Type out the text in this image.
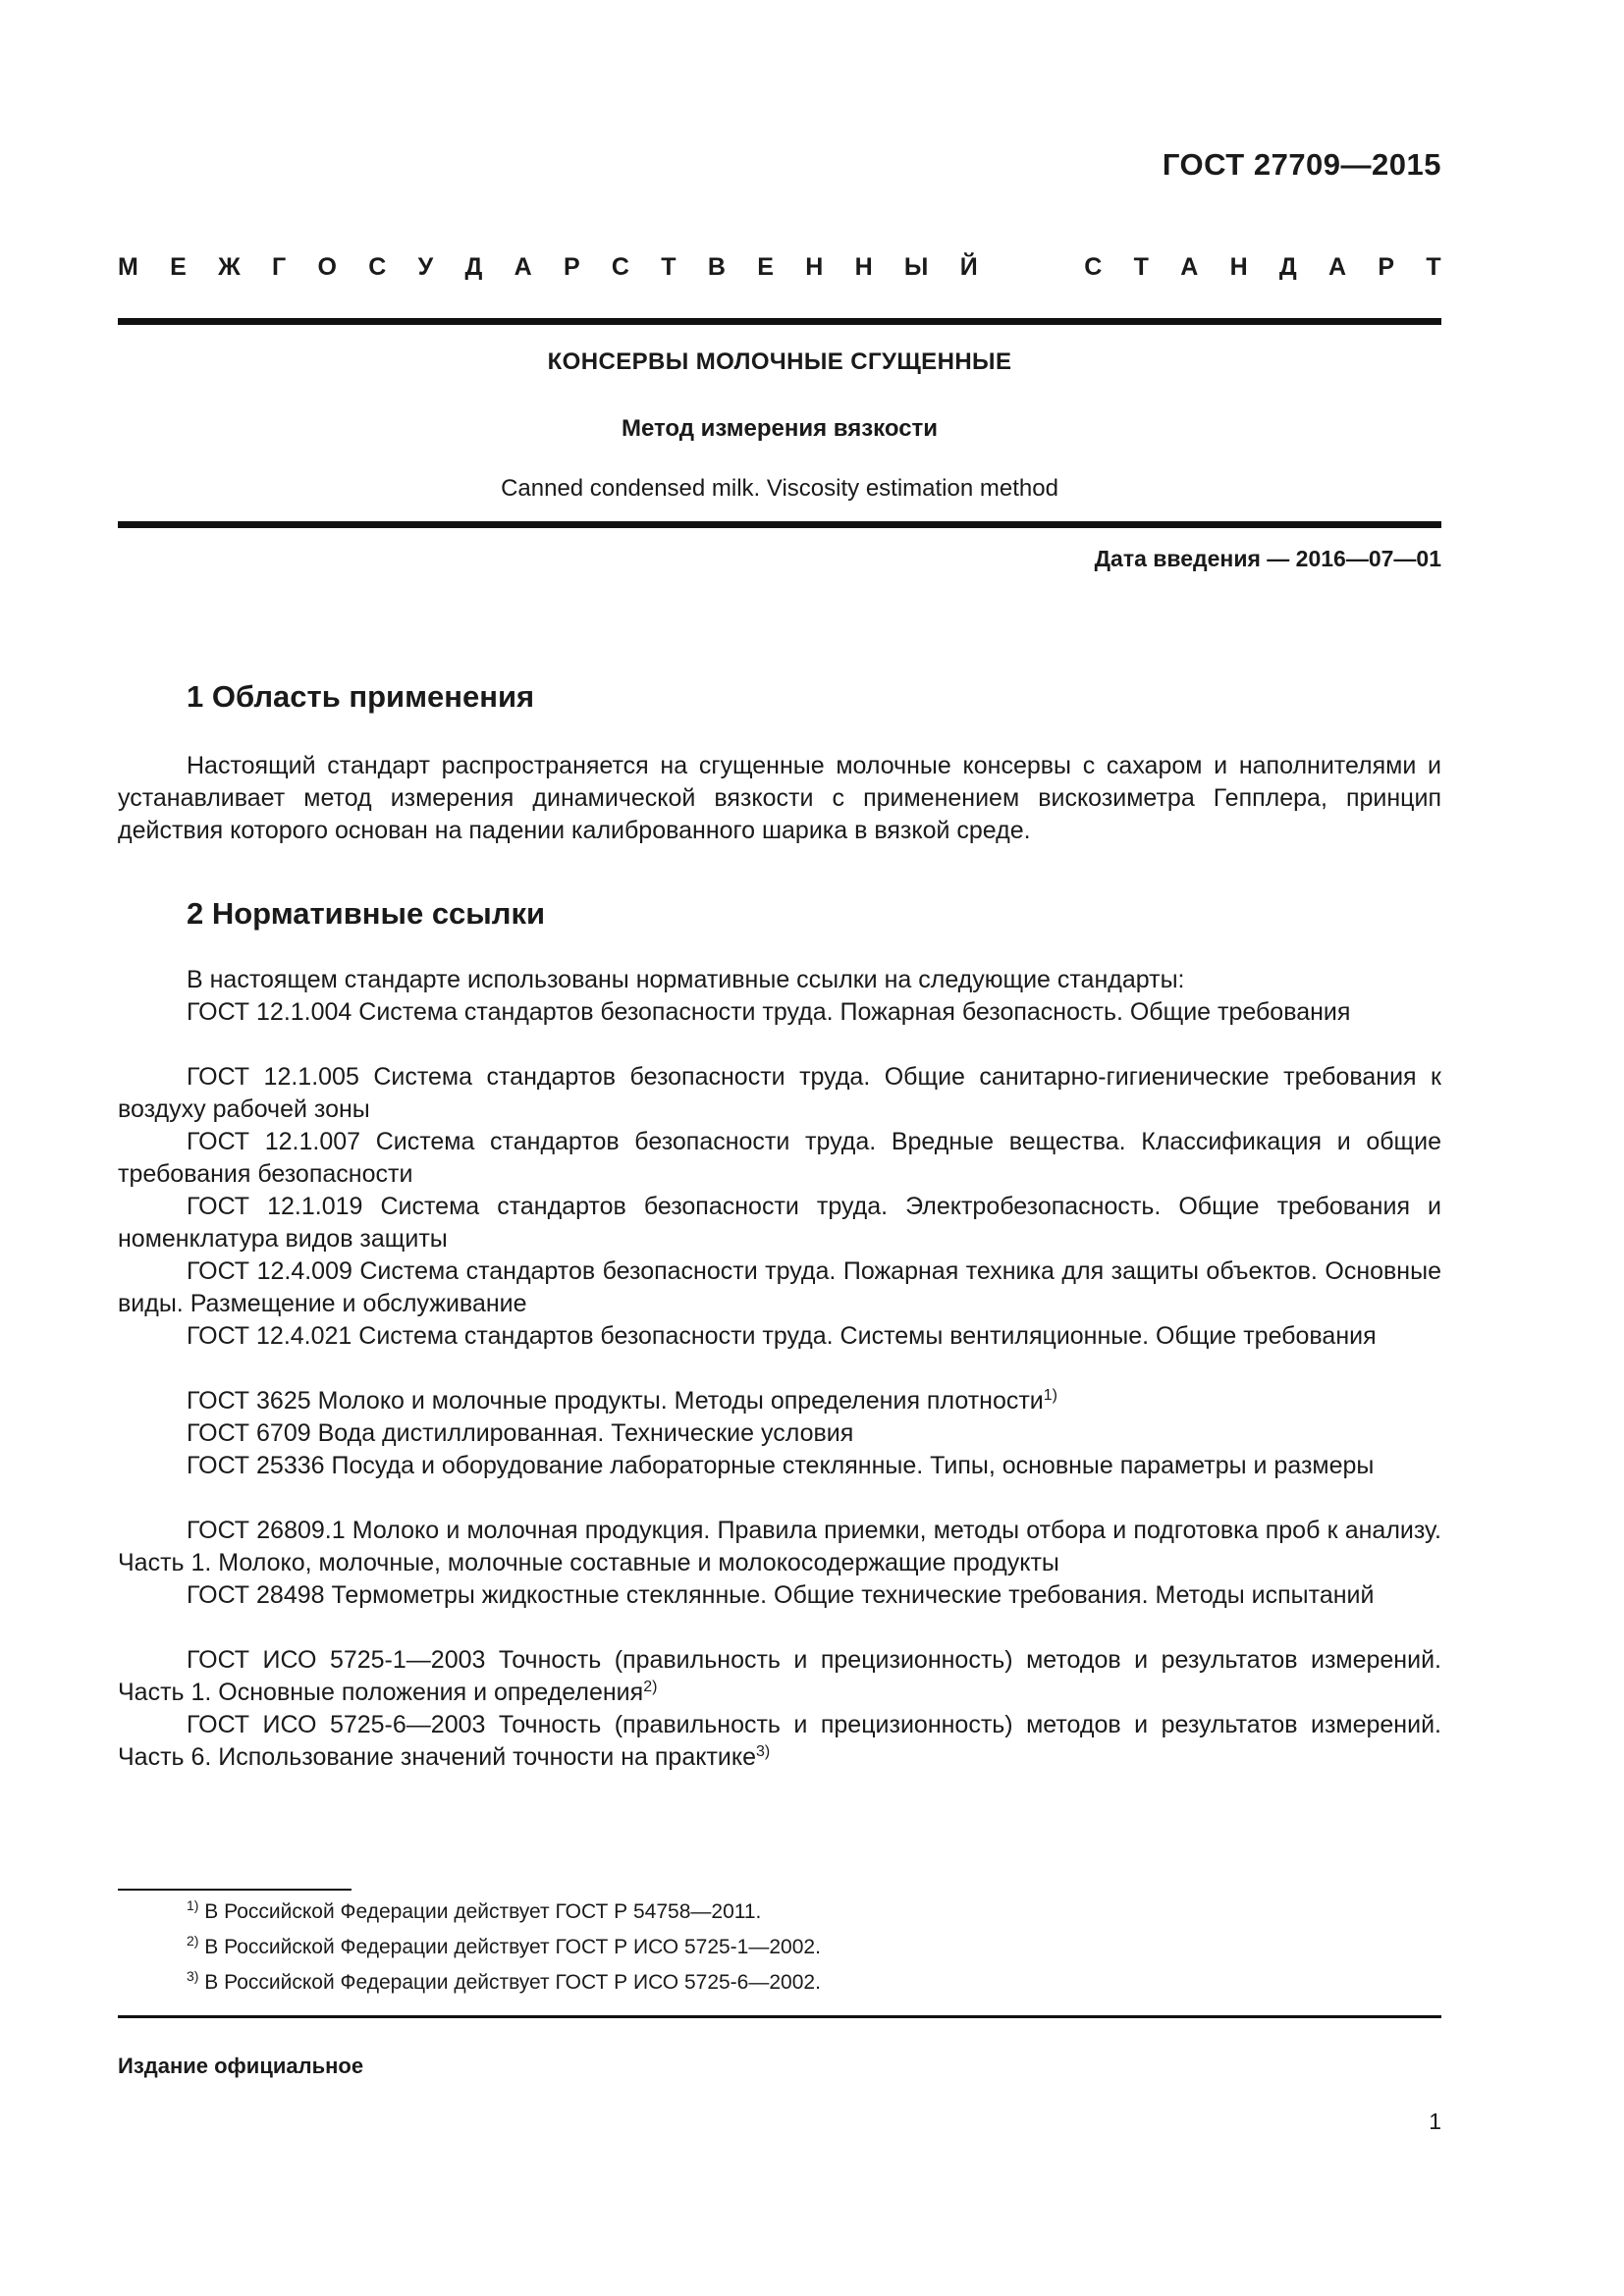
ГОСТ 27709—2015
М Е Ж Г О С У Д А Р С Т В Е Н Н Ы Й	С Т А Н Д А Р Т
КОНСЕРВЫ МОЛОЧНЫЕ СГУЩЕННЫЕ
Метод измерения вязкости
Canned condensed milk. Viscosity estimation method
Дата введения — 2016—07—01
1 Область применения

Настоящий стандарт распространяется на сгущенные молочные консервы с сахаром и наполнителями и устанавливает метод измерения динамической вязкости с применением вискозиметра Гепплера, принцип действия которого основан на падении калиброванного шарика в вязкой среде.

2 Нормативные ссылки

В настоящем стандарте использованы нормативные ссылки на следующие стандарты:

ГОСТ 12.1.004 Система стандартов безопасности труда. Пожарная безопасность. Общие требования

ГОСТ 12.1.005 Система стандартов безопасности труда. Общие санитарно-гигиенические требования к воздуху рабочей зоны

ГОСТ 12.1.007 Система стандартов безопасности труда. Вредные вещества. Классификация и общие требования безопасности

ГОСТ 12.1.019 Система стандартов безопасности труда. Электробезопасность. Общие требования и номенклатура видов защиты

ГОСТ 12.4.009 Система стандартов безопасности труда. Пожарная техника для защиты объектов. Основные виды. Размещение и обслуживание

ГОСТ 12.4.021 Система стандартов безопасности труда. Системы вентиляционные. Общие требования

ГОСТ 3625 Молоко и молочные продукты. Методы определения плотности$^{1)}$

ГОСТ 6709 Вода дистиллированная. Технические условия

ГОСТ 25336 Посуда и оборудование лабораторные стеклянные. Типы, основные параметры и размеры

ГОСТ 26809.1 Молоко и молочная продукция. Правила приемки, методы отбора и подготовка проб к анализу. Часть 1. Молоко, молочные, молочные составные и молокосодержащие продукты

ГОСТ 28498 Термометры жидкостные стеклянные. Общие технические требования. Методы испытаний

ГОСТ ИСО 5725-1—2003 Точность (правильность и прецизионность) методов и результатов измерений. Часть 1. Основные положения и определения$^{2)}$

ГОСТ ИСО 5725-6—2003 Точность (правильность и прецизионность) методов и результатов измерений. Часть 6. Использование значений точности на практике$^{3)}$

$^{1)}$ В Российской Федерации действует ГОСТ Р 54758—2011.
$^{2)}$ В Российской Федерации действует ГОСТ Р ИСО 5725-1—2002.
$^{3)}$ В Российской Федерации действует ГОСТ Р ИСО 5725-6—2002.
Издание официальное
1
